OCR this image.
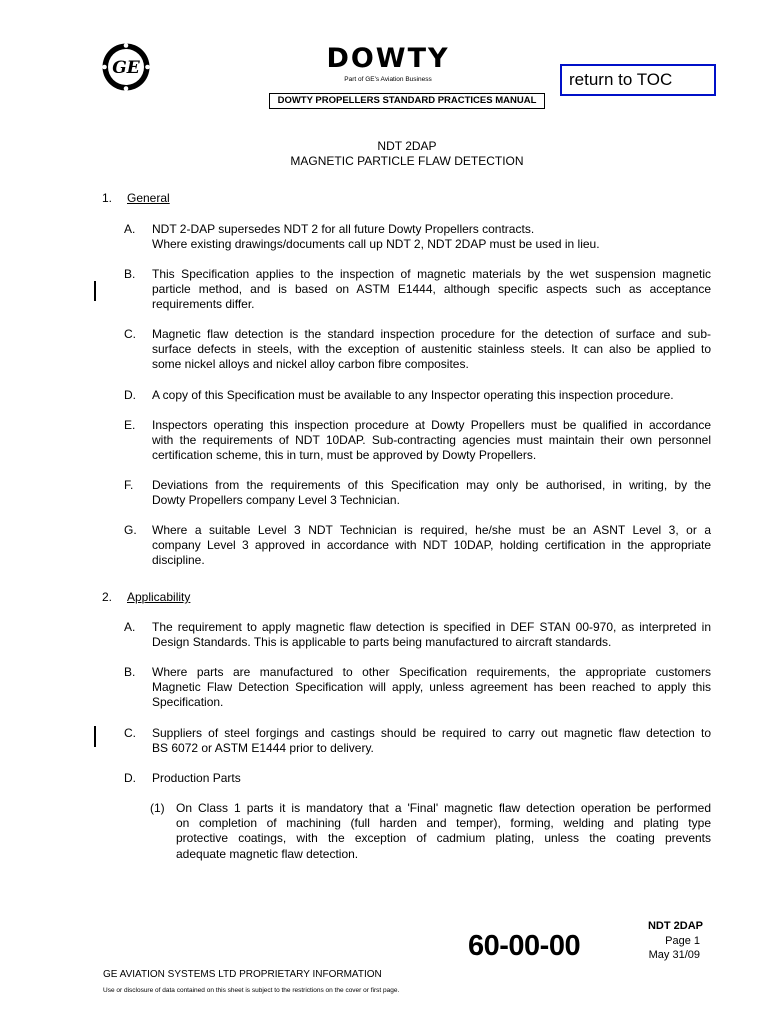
GE	DOWTY
Part of GE's Aviation Business
DOWTY PROPELLERS STANDARD PRACTICES MANUAL
return to TOC
NDT 2DAP
MAGNETIC PARTICLE FLAW DETECTION
1. General
A. NDT 2-DAP supersedes NDT 2 for all future Dowty Propellers contracts.
Where existing drawings/documents call up NDT 2, NDT 2DAP must be used in lieu.
B. This Specification applies to the inspection of magnetic materials by the wet suspension magnetic
particle method, and is based on ASTM E1444, although specific aspects such as acceptance
requirements differ.
C. Magnetic flaw detection is the standard inspection procedure for the detection of surface and sub-
surface defects in steels, with the exception of austenitic stainless steels. It can also be applied to
some nickel alloys and nickel alloy carbon fibre composites.
D. A copy of this Specification must be available to any Inspector operating this inspection procedure.
E. Inspectors operating this inspection procedure at Dowty Propellers must be qualified in accordance
with the requirements of NDT 10DAP. Sub-contracting agencies must maintain their own personnel
certification scheme, this in turn, must be approved by Dowty Propellers.
F. Deviations from the requirements of this Specification may only be authorised, in writing, by the
Dowty Propellers company Level 3 Technician.
G. Where a suitable Level 3 NDT Technician is required, he/she must be an ASNT Level 3, or a
company Level 3 approved in accordance with NDT 10DAP, holding certification in the appropriate
discipline.
2. Applicability
A. The requirement to apply magnetic flaw detection is specified in DEF STAN 00-970, as interpreted in
Design Standards. This is applicable to parts being manufactured to aircraft standards.
B. Where parts are manufactured to other Specification requirements, the appropriate customers
Magnetic Flaw Detection Specification will apply, unless agreement has been reached to apply this
Specification.
C. Suppliers of steel forgings and castings should be required to carry out magnetic flaw detection to
BS 6072 or ASTM E1444 prior to delivery.
D. Production Parts
(1) On Class 1 parts it is mandatory that a 'Final' magnetic flaw detection operation be performed
on completion of machining (full harden and temper), forming, welding and plating type
protective coatings, with the exception of cadmium plating, unless the coating prevents
adequate magnetic flaw detection.
NDT 2DAP
Page 1
May 31/09
60-00-00
GE AVIATION SYSTEMS LTD PROPRIETARY INFORMATION
Use or disclosure of data contained on this sheet is subject to the restrictions on the cover or first page.
